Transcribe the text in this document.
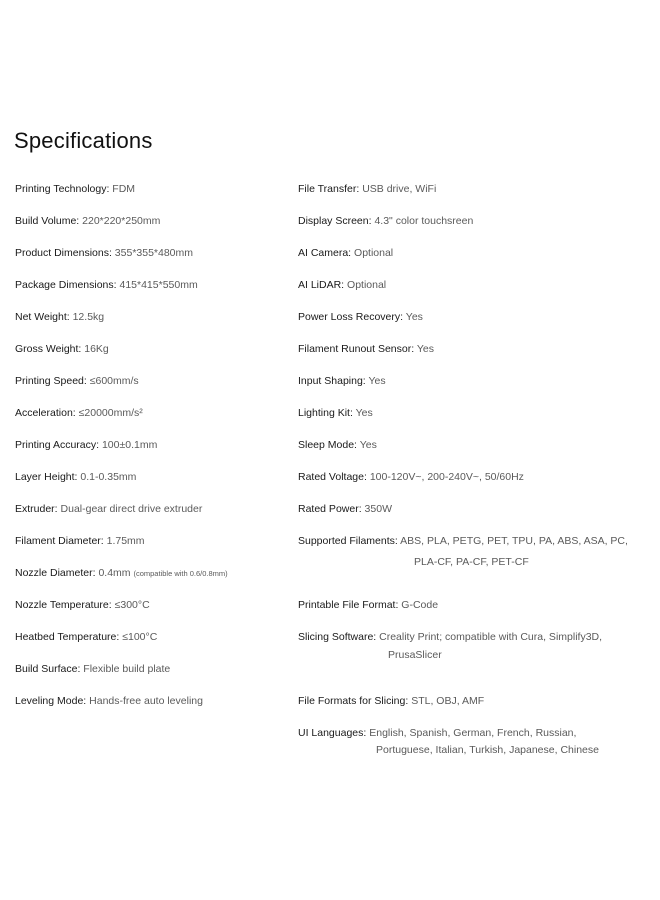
Specifications
Printing Technology: FDM
Build Volume: 220*220*250mm
Product Dimensions: 355*355*480mm
Package Dimensions: 415*415*550mm
Net Weight: 12.5kg
Gross Weight: 16Kg
Printing Speed: ≤600mm/s
Acceleration: ≤20000mm/s²
Printing Accuracy: 100±0.1mm
Layer Height: 0.1-0.35mm
Extruder: Dual-gear direct drive extruder
Filament Diameter: 1.75mm
Nozzle Diameter: 0.4mm (compatible with 0.6/0.8mm)
Nozzle Temperature: ≤300°C
Heatbed Temperature: ≤100°C
Build Surface: Flexible build plate
Leveling Mode: Hands-free auto leveling
File Transfer: USB drive, WiFi
Display Screen: 4.3" color touchsreen
AI Camera: Optional
AI LiDAR: Optional
Power Loss Recovery: Yes
Filament Runout Sensor: Yes
Input Shaping: Yes
Lighting Kit: Yes
Sleep Mode: Yes
Rated Voltage: 100-120V~, 200-240V~, 50/60Hz
Rated Power: 350W
Supported Filaments: ABS, PLA, PETG, PET, TPU, PA, ABS, ASA, PC,
PLA-CF, PA-CF, PET-CF
Printable File Format: G-Code
Slicing Software: Creality Print; compatible with Cura, Simplify3D,
PrusaSlicer
File Formats for Slicing: STL, OBJ, AMF
UI Languages: English, Spanish, German, French, Russian,
Portuguese, Italian, Turkish, Japanese, Chinese
